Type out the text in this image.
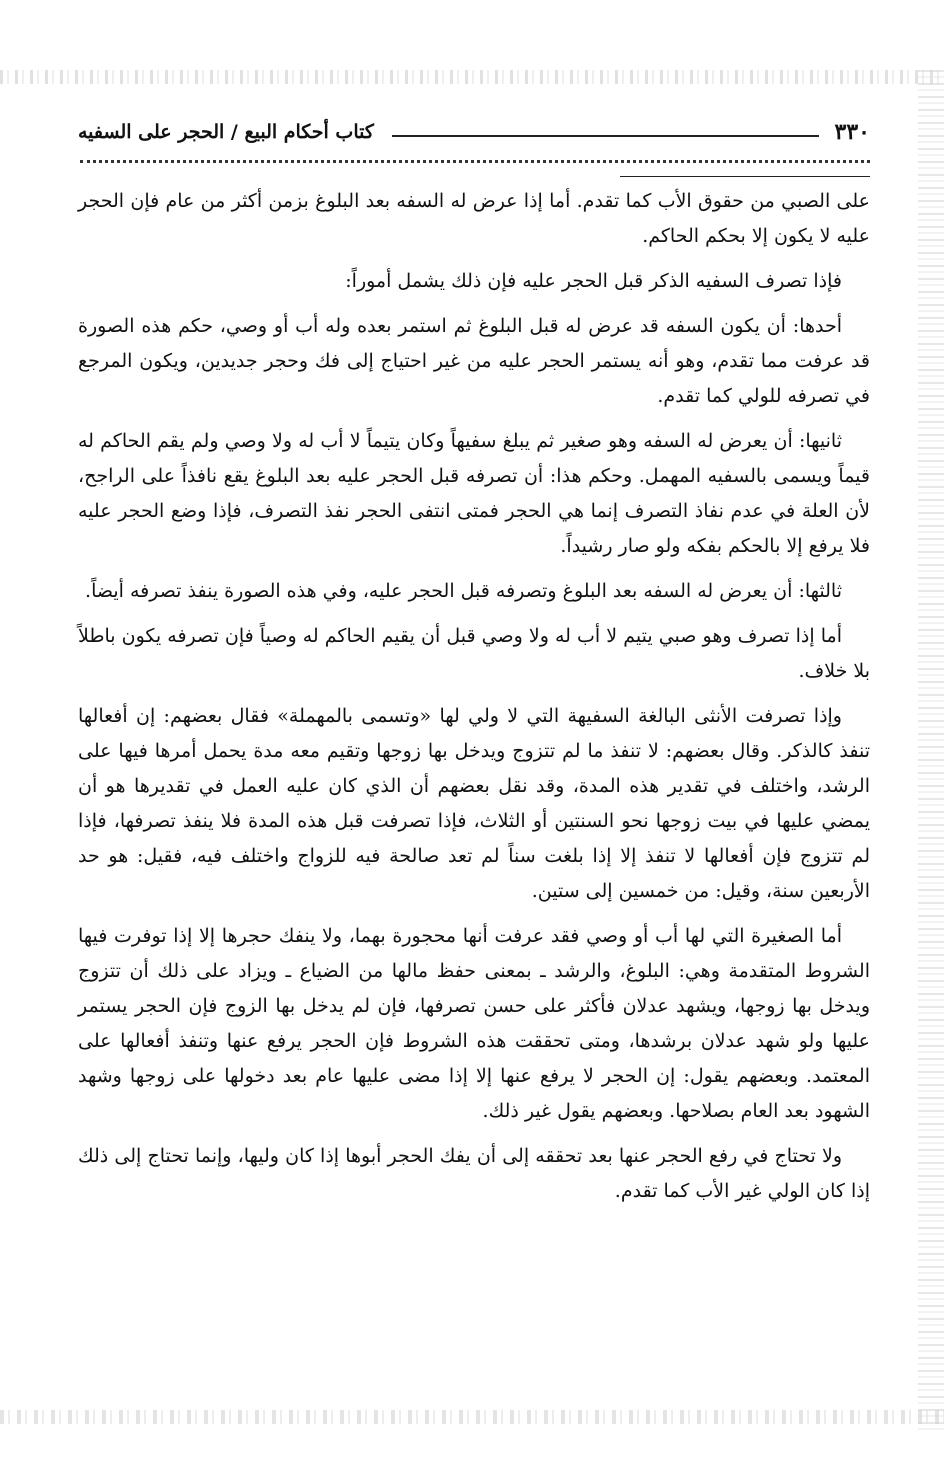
٣٣٠
كتاب أحكام البيع / الحجر على السفيه

على الصبي من حقوق الأب كما تقدم. أما إذا عرض له السفه بعد البلوغ بزمن أكثر من عام فإن الحجر عليه لا يكون إلا بحكم الحاكم.

فإذا تصرف السفيه الذكر قبل الحجر عليه فإن ذلك يشمل أموراً:

أحدها: أن يكون السفه قد عرض له قبل البلوغ ثم استمر بعده وله أب أو وصي، حكم هذه الصورة قد عرفت مما تقدم، وهو أنه يستمر الحجر عليه من غير احتياج إلى فك وحجر جديدين، ويكون المرجع في تصرفه للولي كما تقدم.

ثانيها: أن يعرض له السفه وهو صغير ثم يبلغ سفيهاً وكان يتيماً لا أب له ولا وصي ولم يقم الحاكم له قيماً ويسمى بالسفيه المهمل. وحكم هذا: أن تصرفه قبل الحجر عليه بعد البلوغ يقع نافذاً على الراجح، لأن العلة في عدم نفاذ التصرف إنما هي الحجر فمتى انتفى الحجر نفذ التصرف، فإذا وضع الحجر عليه فلا يرفع إلا بالحكم بفكه ولو صار رشيداً.

ثالثها: أن يعرض له السفه بعد البلوغ وتصرفه قبل الحجر عليه، وفي هذه الصورة ينفذ تصرفه أيضاً.

أما إذا تصرف وهو صبي يتيم لا أب له ولا وصي قبل أن يقيم الحاكم له وصياً فإن تصرفه يكون باطلاً بلا خلاف.

وإذا تصرفت الأنثى البالغة السفيهة التي لا ولي لها «وتسمى بالمهملة» فقال بعضهم: إن أفعالها تنفذ كالذكر. وقال بعضهم: لا تنفذ ما لم تتزوج ويدخل بها زوجها وتقيم معه مدة يحمل أمرها فيها على الرشد، واختلف في تقدير هذه المدة، وقد نقل بعضهم أن الذي كان عليه العمل في تقديرها هو أن يمضي عليها في بيت زوجها نحو السنتين أو الثلاث، فإذا تصرفت قبل هذه المدة فلا ينفذ تصرفها، فإذا لم تتزوج فإن أفعالها لا تنفذ إلا إذا بلغت سناً لم تعد صالحة فيه للزواج واختلف فيه، فقيل: هو حد الأربعين سنة، وقيل: من خمسين إلى ستين.

أما الصغيرة التي لها أب أو وصي فقد عرفت أنها محجورة بهما، ولا ينفك حجرها إلا إذا توفرت فيها الشروط المتقدمة وهي: البلوغ، والرشد ـ بمعنى حفظ مالها من الضياع ـ ويزاد على ذلك أن تتزوج ويدخل بها زوجها، ويشهد عدلان فأكثر على حسن تصرفها، فإن لم يدخل بها الزوج فإن الحجر يستمر عليها ولو شهد عدلان برشدها، ومتى تحققت هذه الشروط فإن الحجر يرفع عنها وتنفذ أفعالها على المعتمد. وبعضهم يقول: إن الحجر لا يرفع عنها إلا إذا مضى عليها عام بعد دخولها على زوجها وشهد الشهود بعد العام بصلاحها. وبعضهم يقول غير ذلك.

ولا تحتاج في رفع الحجر عنها بعد تحققه إلى أن يفك الحجر أبوها إذا كان وليها، وإنما تحتاج إلى ذلك إذا كان الولي غير الأب كما تقدم.
